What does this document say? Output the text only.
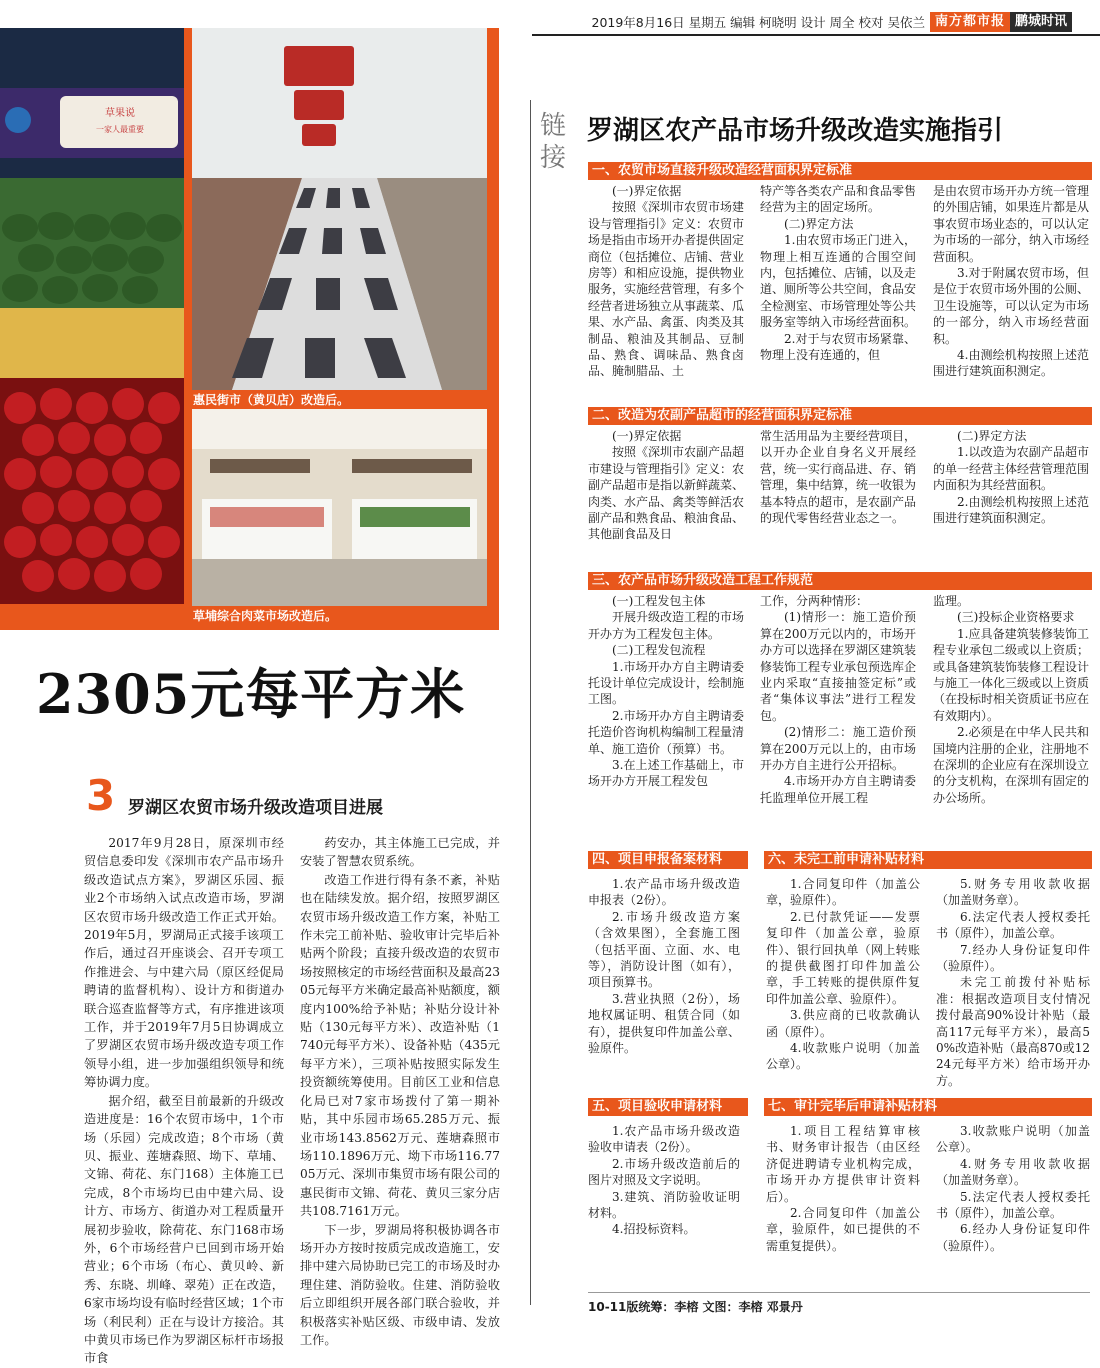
2019年8月16日 星期五 编辑 柯晓明 设计 周全 校对 吴依兰 南方都市报 鹏城时讯
草果说
一家人最重要
惠民街市（黄贝店）改造后。
草埔综合肉菜市场改造后。
2305元每平方米
3 罗湖区农贸市场升级改造项目进展

2017年9月28日，原深圳市经贸信息委印发《深圳市农产品市场升级改造试点方案》，罗湖区乐园、振业2个市场纳入试点改造市场，罗湖区农贸市场升级改造工作正式开始。2019年5月，罗湖局正式接手该项工作后，通过召开座谈会、召开专项工作推进会、与中建六局（原区经促局聘请的监督机构）、设计方和街道办联合巡查监督等方式，有序推进该项工作，并于2019年7月5日协调成立了罗湖区农贸市场升级改造专项工作领导小组，进一步加强组织领导和统筹协调力度。

据介绍，截至目前最新的升级改造进度是：16个农贸市场中，1个市场（乐园）完成改造；8个市场（黄贝、振业、莲塘森照、坳下、草埔、文锦、荷花、东门168）主体施工已完成，8个市场均已由中建六局、设计方、市场方、街道办对工程质量开展初步验收，除荷花、东门168市场外，6个市场经营户已回到市场开始营业；6个市场（布心、黄贝岭、新秀、东晓、圳峰、翠苑）正在改造，6家市场均设有临时经营区域；1个市场（利民利）正在与设计方接洽。其中黄贝市场已作为罗湖区标杆市场报市食

药安办，其主体施工已完成，并安装了智慧农贸系统。

改造工作进行得有条不紊，补贴也在陆续发放。据介绍，按照罗湖区农贸市场升级改造工作方案，补贴工作未完工前补贴、验收审计完毕后补贴两个阶段；直接升级改造的农贸市场按照核定的市场经营面积及最高2305元每平方米确定最高补贴额度，额度内100%给予补贴；补贴分设计补贴（130元每平方米）、改造补贴（1740元每平方米）、设备补贴（435元每平方米），三项补贴按照实际发生投资额统筹使用。目前区工业和信息化局已对7家市场拨付了第一期补贴，其中乐园市场65.285万元、振业市场143.8562万元、莲塘森照市场110.1896万元、坳下市场116.7705万元、深圳市集贸市场有限公司的惠民街市文锦、荷花、黄贝三家分店共108.7161万元。

下一步，罗湖局将积极协调各市场开办方按时按质完成改造施工，安排中建六局协助已完工的市场及时办理住建、消防验收。住建、消防验收后立即组织开展各部门联合验收，并积极落实补贴区级、市级申请、发放工作。

链接
罗湖区农产品市场升级改造实施指引
一、农贸市场直接升级改造经营面积界定标准
(一)界定依据
按照《深圳市农贸市场建设与管理指引》定义：农贸市场是指由市场开办者提供固定商位（包括摊位、店铺、营业房等）和相应设施，提供物业服务，实施经营管理，有多个经营者进场独立从事蔬菜、瓜果、水产品、禽蛋、肉类及其制品、粮油及其制品、豆制品、熟食、调味品、熟食卤品、腌制腊品、土
特产等各类农产品和食品零售经营为主的固定场所。
(二)界定方法
1.由农贸市场正门进入，物理上相互连通的合围空间内，包括摊位、店铺，以及走道、厕所等公共空间，食品安全检测室、市场管理处等公共服务室等纳入市场经营面积。
2.对于与农贸市场紧靠、物理上没有连通的，但
是由农贸市场开办方统一管理的外围店铺，如果连片都是从事农贸市场业态的，可以认定为市场的一部分，纳入市场经营面积。
3.对于附属农贸市场，但是位于农贸市场外围的公厕、卫生设施等，可以认定为市场的一部分，纳入市场经营面积。
4.由测绘机构按照上述范围进行建筑面积测定。
二、改造为农副产品超市的经营面积界定标准
(一)界定依据
按照《深圳市农副产品超市建设与管理指引》定义：农副产品超市是指以新鲜蔬菜、肉类、水产品、禽类等鲜活农副产品和熟食品、粮油食品、其他副食品及日
常生活用品为主要经营项目，以开办企业自身名义开展经营，统一实行商品进、存、销管理，集中结算，统一收银为基本特点的超市，是农副产品的现代零售经营业态之一。
(二)界定方法
1.以改造为农副产品超市的单一经营主体经营管理范围内面积为其经营面积。
2.由测绘机构按照上述范围进行建筑面积测定。
三、农产品市场升级改造工程工作规范
(一)工程发包主体
开展升级改造工程的市场开办方为工程发包主体。
(二)工程发包流程
1.市场开办方自主聘请委托设计单位完成设计，绘制施工图。
2.市场开办方自主聘请委托造价咨询机构编制工程量清单、施工造价（预算）书。
3.在上述工作基础上，市场开办方开展工程发包
工作，分两种情形：
(1)情形一：施工造价预算在200万元以内的，市场开办方可以选择在罗湖区建筑装修装饰工程专业承包预选库企业内采取“直接抽签定标”或者“集体议事法”进行工程发包。
(2)情形二：施工造价预算在200万元以上的，由市场开办方自主进行公开招标。
4.市场开办方自主聘请委托监理单位开展工程
监理。
(三)投标企业资格要求
1.应具备建筑装修装饰工程专业承包二级或以上资质；或具备建筑装饰装修工程设计与施工一体化三级或以上资质（在投标时相关资质证书应在有效期内）。
2.必须是在中华人民共和国境内注册的企业，注册地不在深圳的企业应有在深圳设立的分支机构，在深圳有固定的办公场所。
四、项目申报备案材料
1.农产品市场升级改造申报表（2份）。
2.市场升级改造方案（含效果图），全套施工图（包括平面、立面、水、电等），消防设计图（如有），项目预算书。
3.营业执照（2份），场地权属证明、租赁合同（如有），提供复印件加盖公章、验原件。
五、项目验收申请材料
1.农产品市场升级改造验收申请表（2份）。
2.市场升级改造前后的图片对照及文字说明。
3.建筑、消防验收证明材料。
4.招投标资料。
六、未完工前申请补贴材料
1.合同复印件（加盖公章，验原件）。
2.已付款凭证——发票复印件（加盖公章，验原件）、银行回执单（网上转账的提供截图打印件加盖公章，手工转账的提供原件复印件加盖公章、验原件）。
3.供应商的已收款确认函（原件）。
4.收款账户说明（加盖公章）。
5.财务专用收款收据（加盖财务章）。
6.法定代表人授权委托书（原件），加盖公章。
7.经办人身份证复印件（验原件）。
未完工前拨付补贴标准：根据改造项目支付情况拨付最高90%设计补贴（最高117元每平方米），最高50%改造补贴（最高870或1224元每平方米）给市场开办方。
七、审计完毕后申请补贴材料
1.项目工程结算审核书、财务审计报告（由区经济促进聘请专业机构完成，市场开办方提供审计资料后）。
2.合同复印件（加盖公章，验原件，如已提供的不需重复提供）。
3.收款账户说明（加盖公章）。
4.财务专用收款收据（加盖财务章）。
5.法定代表人授权委托书（原件），加盖公章。
6.经办人身份证复印件（验原件）。
10-11版统筹：李榕 文图：李榕 邓景丹
